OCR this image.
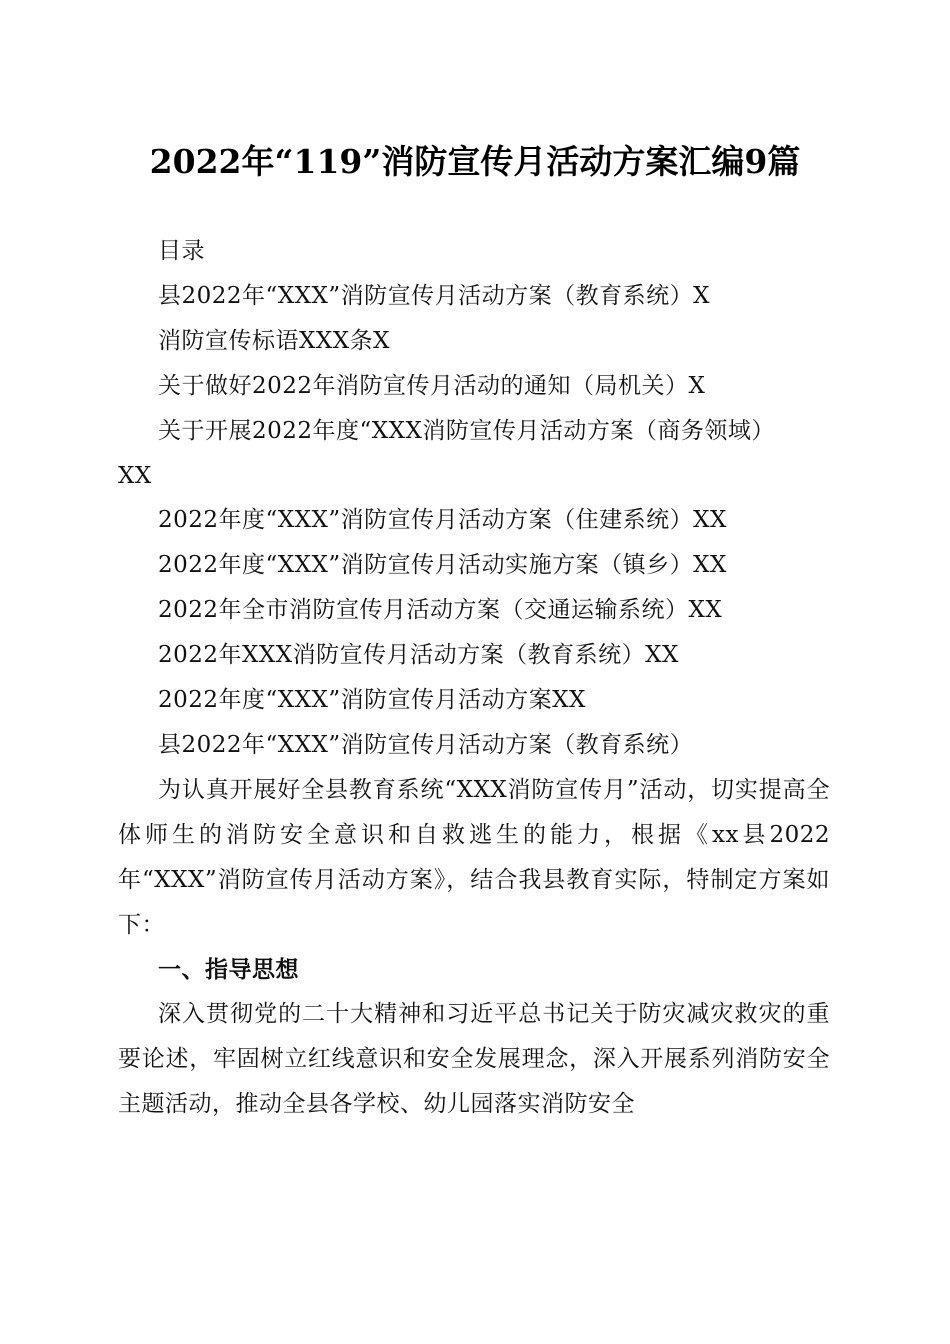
2022年“119”消防宣传月活动方案汇编9篇

目录

县2022年“XXX”消防宣传月活动方案（教育系统）X

消防宣传标语XXX条X

关于做好2022年消防宣传月活动的通知（局机关）X

关于开展2022年度“XXX消防宣传月活动方案（商务领域）

XX

2022年度“XXX”消防宣传月活动方案（住建系统）XX

2022年度“XXX”消防宣传月活动实施方案（镇乡）XX

2022年全市消防宣传月活动方案（交通运输系统）XX

2022年XXX消防宣传月活动方案（教育系统）XX

2022年度“XXX”消防宣传月活动方案XX

县2022年“XXX”消防宣传月活动方案（教育系统）

为认真开展好全县教育系统“XXX消防宣传月”活动，切实提高全体师生的消防安全意识和自救逃生的能力，根据《xx县2022年“XXX”消防宣传月活动方案》，结合我县教育实际，特制定方案如下：

一、指导思想

深入贯彻党的二十大精神和习近平总书记关于防灾减灾救灾的重要论述，牢固树立红线意识和安全发展理念，深入开展系列消防安全主题活动，推动全县各学校、幼儿园落实消防安全
